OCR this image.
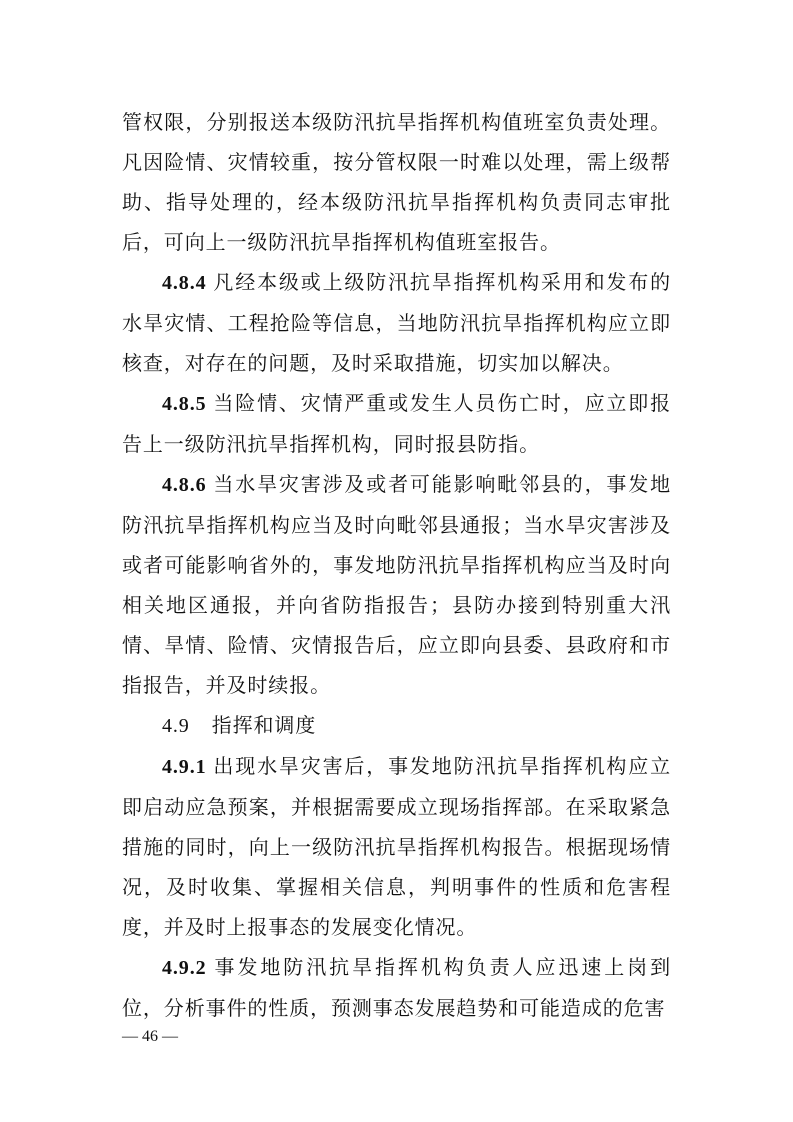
管权限，分别报送本级防汛抗旱指挥机构值班室负责处理。凡因险情、灾情较重，按分管权限一时难以处理，需上级帮助、指导处理的，经本级防汛抗旱指挥机构负责同志审批后，可向上一级防汛抗旱指挥机构值班室报告。

4.8.4 凡经本级或上级防汛抗旱指挥机构采用和发布的水旱灾情、工程抢险等信息，当地防汛抗旱指挥机构应立即核查，对存在的问题，及时采取措施，切实加以解决。

4.8.5 当险情、灾情严重或发生人员伤亡时，应立即报告上一级防汛抗旱指挥机构，同时报县防指。

4.8.6 当水旱灾害涉及或者可能影响毗邻县的，事发地防汛抗旱指挥机构应当及时向毗邻县通报；当水旱灾害涉及或者可能影响省外的，事发地防汛抗旱指挥机构应当及时向相关地区通报，并向省防指报告；县防办接到特别重大汛情、旱情、险情、灾情报告后，应立即向县委、县政府和市指报告，并及时续报。

4.9 指挥和调度

4.9.1 出现水旱灾害后，事发地防汛抗旱指挥机构应立即启动应急预案，并根据需要成立现场指挥部。在采取紧急措施的同时，向上一级防汛抗旱指挥机构报告。根据现场情况，及时收集、掌握相关信息，判明事件的性质和危害程度，并及时上报事态的发展变化情况。

4.9.2 事发地防汛抗旱指挥机构负责人应迅速上岗到位，分析事件的性质，预测事态发展趋势和可能造成的危害

— 46 —
